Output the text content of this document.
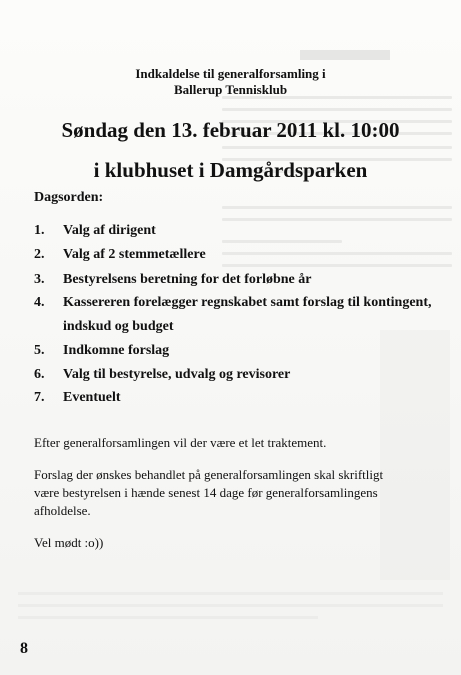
Indkaldelse til generalforsamling i
Ballerup Tennisklub
Søndag den 13. februar 2011 kl. 10:00
i klubhuset i Damgårdsparken
Dagsorden:
1. Valg af dirigent
2. Valg af 2 stemmetællere
3. Bestyrelsens beretning for det forløbne år
4. Kassereren forelægger regnskabet samt forslag til kontingent,
indskud og budget
5. Indkomne forslag
6. Valg til bestyrelse, udvalg og revisorer
7. Eventuelt
Efter generalforsamlingen vil der være et let traktement.
Forslag der ønskes behandlet på generalforsamlingen skal skriftligt
være bestyrelsen i hænde senest 14 dage før generalforsamlingens
afholdelse.
Vel mødt :o))
8
